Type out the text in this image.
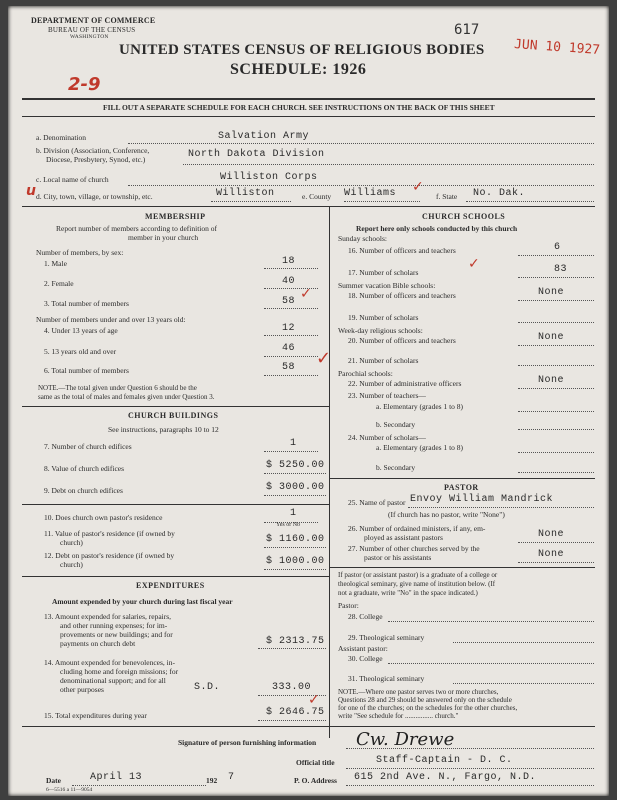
DEPARTMENT OF COMMERCE
BUREAU OF THE CENSUS
WASHINGTON	617
JUN 10 1927
UNITED STATES CENSUS OF RELIGIOUS BODIES
SCHEDULE: 1926
2-9
FILL OUT A SEPARATE SCHEDULE FOR EACH CHURCH. SEE INSTRUCTIONS ON THE BACK OF THIS SHEET
a. Denomination	Salvation Army
b. Division (Association, Conference,
Diocese, Presbytery, Synod, etc.)	North Dakota Division
c. Local name of church	Williston Corps
u d. City, town, village, or township, etc.	Williston	e. County Williams ✓
f. State No. Dak.
MEMBERSHIP
Report number of members according to definition of
member in your church
Number of members, by sex:
1. Male	18
2. Female	40
3. Total number of members	58 ✓
Number of members under and over 13 years old:
4. Under 13 years of age	12
5. 13 years old and over	46
6. Total number of members	58 ✓
NOTE.—The total given under Question 6 should be the
same as the total of males and females given under Question 3.
CHURCH BUILDINGS
See instructions, paragraphs 10 to 12
7. Number of church edifices	1
8. Value of church edifices	$ 5250.00
9. Debt on church edifices	$ 3000.00
10. Does church own pastor's residence	1
Yes or No
11. Value of pastor's residence (if owned by
church)	$ 1160.00
12. Debt on pastor's residence (if owned by
church)	$ 1000.00
EXPENDITURES
Amount expended by your church during last fiscal year
13. Amount expended for salaries, repairs,
and other running expenses; for im-
provements or new buildings; and for
payments on church debt	$ 2313.75
14. Amount expended for benevolences, in-
cluding home and foreign missions; for
denominational support; and for all
other purposes	S.D.	333.00
15. Total expenditures during year	$ 2646.75
✓
CHURCH SCHOOLS
Report here only schools conducted by this church
Sunday schools:
16. Number of officers and teachers	6
17. Number of scholars	83
✓
Summer vacation Bible schools:
18. Number of officers and teachers	None
19. Number of scholars
Week-day religious schools:
20. Number of officers and teachers	None
21. Number of scholars
Parochial schools:
22. Number of administrative officers	None
23. Number of teachers—
a. Elementary (grades 1 to 8)
b. Secondary
24. Number of scholars—
a. Elementary (grades 1 to 8)
b. Secondary
PASTOR
25. Name of pastor Envoy William Mandrick
(If church has no pastor, write "None")
26. Number of ordained ministers, if any, em-
ployed as assistant pastors	None
27. Number of other churches served by the
pastor or his assistants	None
If pastor (or assistant pastor) is a graduate of a college or
theological seminary, give name of institution below. (If
not a graduate, write "No" in the space indicated.)
Pastor:
28. College
29. Theological seminary
Assistant pastor:
30. College
31. Theological seminary
NOTE.—Where one pastor serves two or more churches,
Questions 28 and 29 should be answered only on the schedule
for one of the churches; on the schedules for the other churches,
write "See schedule for ................ church."
Signature of person furnishing information Cw. Drewe
Official title	Staff-Captain - D. C.
Date	April 13	192 7
6—5516 a 11—9054
P. O. Address 615 2nd Ave. N., Fargo, N.D.
